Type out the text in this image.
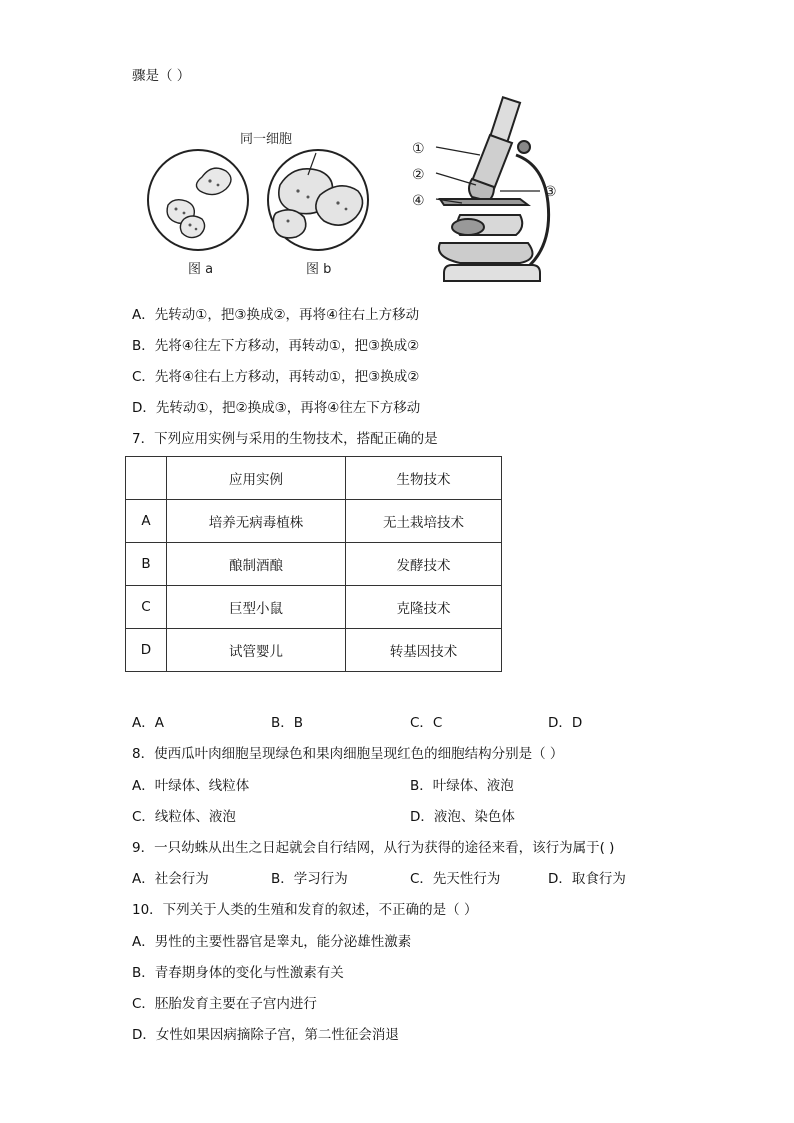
骤是（ ）
同一细胞
图 a	图 b
①
②
④
③
A．先转动①，把③换成②，再将④往右上方移动
B．先将④往左下方移动，再转动①，把③换成②
C．先将④往右上方移动，再转动①，把③换成②
D．先转动①，把②换成③，再将④往左下方移动
7．下列应用实例与采用的生物技术，搭配正确的是
	应用实例	生物技术
A	培养无病毒植株	无土栽培技术
B	酿制酒酿	发酵技术
C	巨型小鼠	克隆技术
D	试管婴儿	转基因技术
A．A	B．B	C．C	D．D
8．使西瓜叶肉细胞呈现绿色和果肉细胞呈现红色的细胞结构分别是（ ）
A．叶绿体、线粒体	B．叶绿体、液泡
C．线粒体、液泡	D．液泡、染色体
9．一只幼蛛从出生之日起就会自行结网，从行为获得的途径来看，该行为属于( )
A．社会行为	B．学习行为	C．先天性行为	D．取食行为
10．下列关于人类的生殖和发育的叙述，不正确的是（ ）
A．男性的主要性器官是睾丸，能分泌雄性激素
B．青春期身体的变化与性激素有关
C．胚胎发育主要在子宫内进行
D．女性如果因病摘除子宫，第二性征会消退
